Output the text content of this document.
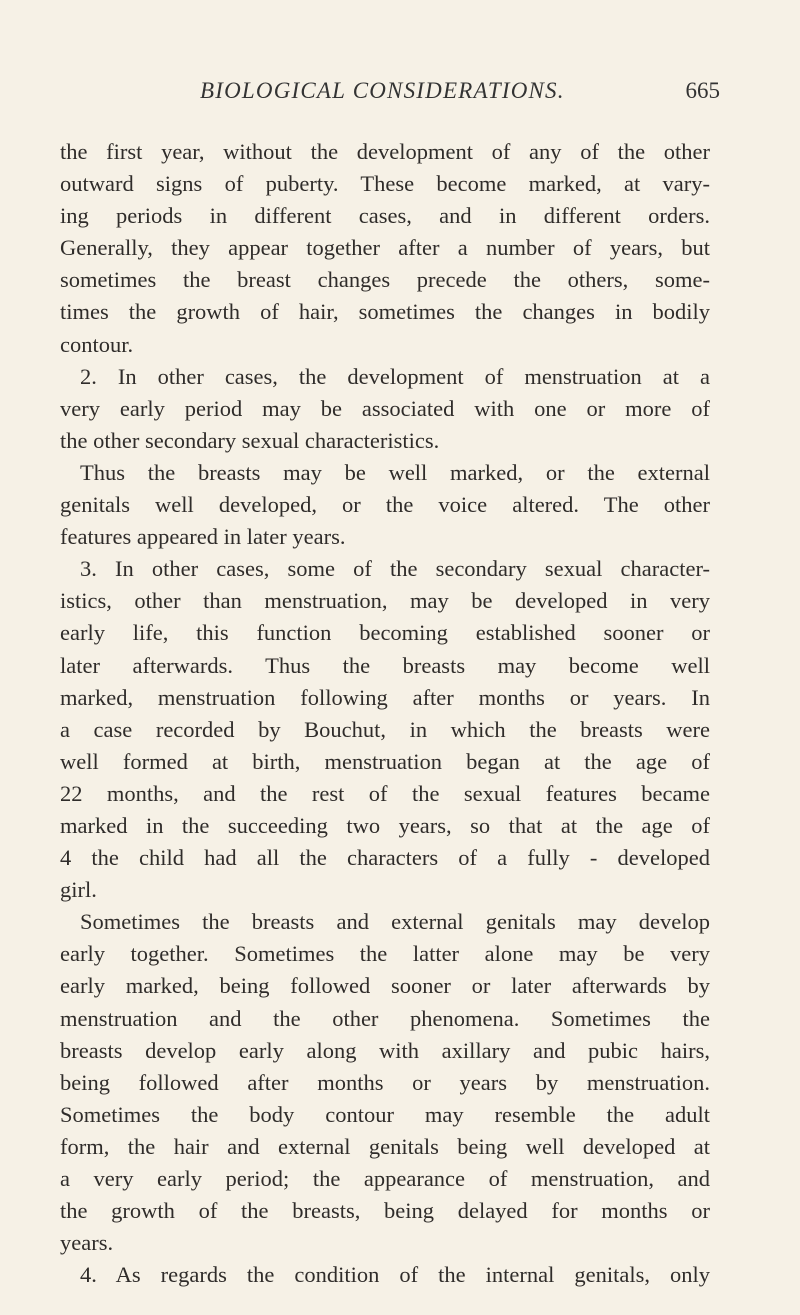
BIOLOGICAL CONSIDERATIONS.	665
the first year, without the development of any of the other
outward signs of puberty. These become marked, at vary-
ing periods in different cases, and in different orders.
Generally, they appear together after a number of years, but
sometimes the breast changes precede the others, some-
times the growth of hair, sometimes the changes in bodily
contour.
2. In other cases, the development of menstruation at a
very early period may be associated with one or more of
the other secondary sexual characteristics.
Thus the breasts may be well marked, or the external
genitals well developed, or the voice altered. The other
features appeared in later years.
3. In other cases, some of the secondary sexual character-
istics, other than menstruation, may be developed in very
early life, this function becoming established sooner or
later afterwards. Thus the breasts may become well
marked, menstruation following after months or years. In
a case recorded by Bouchut, in which the breasts were
well formed at birth, menstruation began at the age of
22 months, and the rest of the sexual features became
marked in the succeeding two years, so that at the age of
4 the child had all the characters of a fully - developed
girl.
Sometimes the breasts and external genitals may develop
early together. Sometimes the latter alone may be very
early marked, being followed sooner or later afterwards by
menstruation and the other phenomena. Sometimes the
breasts develop early along with axillary and pubic hairs,
being followed after months or years by menstruation.
Sometimes the body contour may resemble the adult
form, the hair and external genitals being well developed at
a very early period; the appearance of menstruation, and
the growth of the breasts, being delayed for months or
years.
4. As regards the condition of the internal genitals, only
